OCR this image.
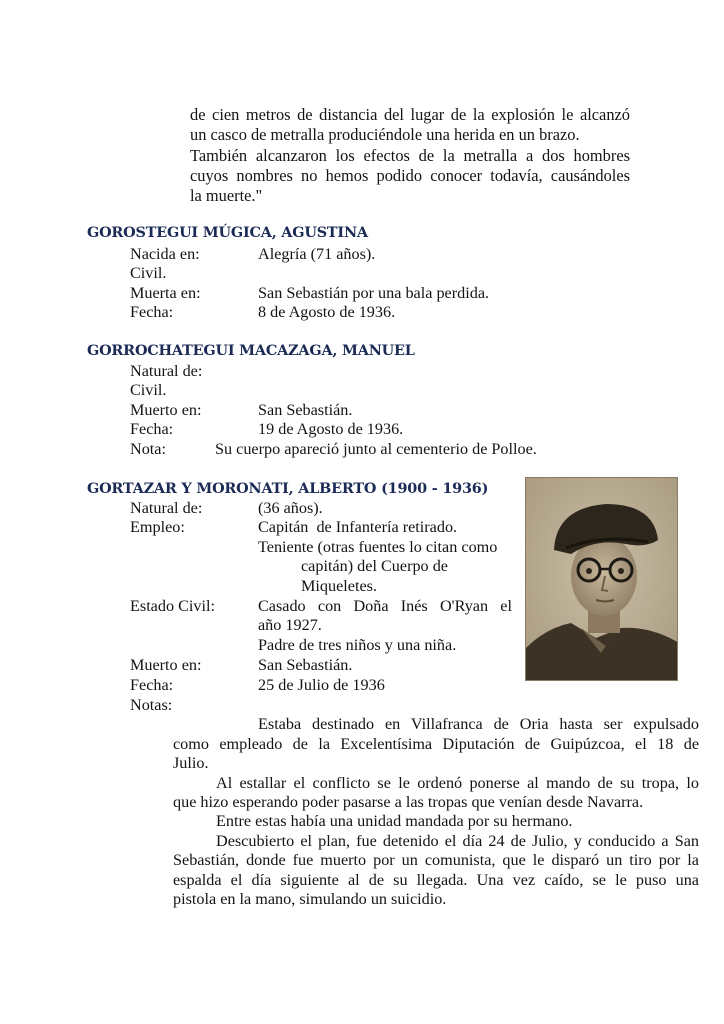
de cien metros de distancia del lugar de la explosión le alcanzó
un casco de metralla produciéndole una herida en un brazo.
También alcanzaron los efectos de la metralla a dos hombres
cuyos nombres no hemos podido conocer todavía, causándoles
la muerte."
GOROSTEGUI MÚGICA, AGUSTINA
Nacida en:	Alegría (71 años).
Civil.
Muerta en:	San Sebastián por una bala perdida.
Fecha:	8 de Agosto de 1936.
GORROCHATEGUI MACAZAGA, MANUEL
Natural de:
Civil.
Muerto en:	San Sebastián.
Fecha:	19 de Agosto de 1936.
Nota:	Su cuerpo apareció junto al cementerio de Polloe.
GORTAZAR Y MORONATI, ALBERTO (1900 - 1936)
Natural de:	(36 años).
Empleo:	Capitán  de Infantería retirado.
Teniente (otras fuentes lo citan como
capitán) del Cuerpo de
Miqueletes.
Estado Civil:	Casado con Doña Inés O'Ryan el
año 1927.
Padre de tres niños y una niña.
Muerto en:	San Sebastián.
Fecha:	25 de Julio de 1936
Notas:
Estaba destinado en Villafranca de Oria hasta ser expulsado
como empleado de la Excelentísima Diputación de Guipúzcoa, el 18 de
Julio.
Al estallar el conflicto se le ordenó ponerse al mando de su tropa, lo
que hizo esperando poder pasarse a las tropas que venían desde Navarra.
Entre estas había una unidad mandada por su hermano.
Descubierto el plan, fue detenido el día 24 de Julio, y conducido a San
Sebastián, donde fue muerto por un comunista, que le disparó un tiro por la
espalda el día siguiente al de su llegada. Una vez caído, se le puso una
pistola en la mano, simulando un suicidio.
